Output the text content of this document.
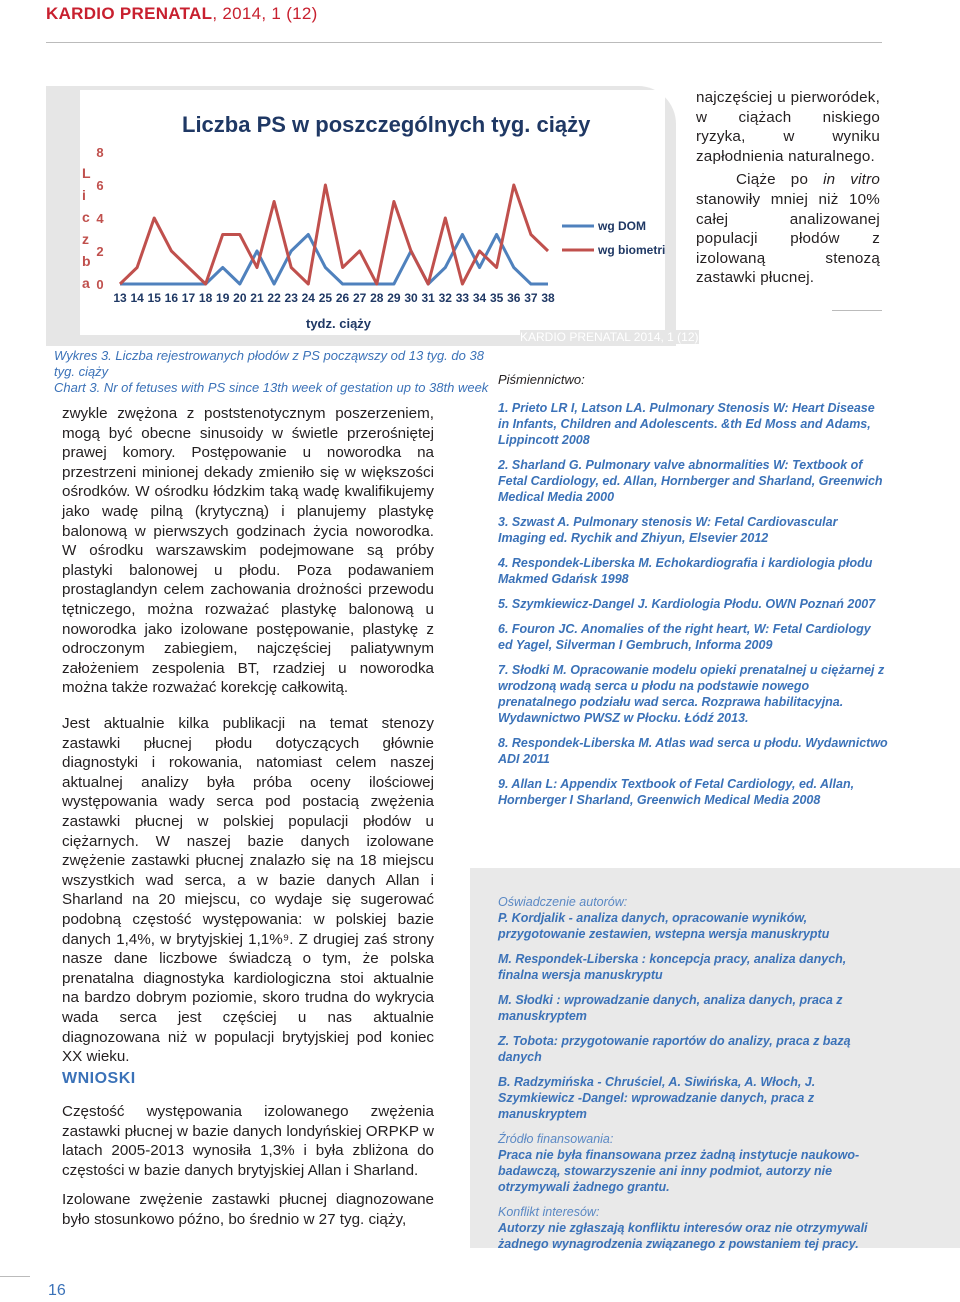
KARDIO PRENATAL, 2014, 1 (12)
Liczba PS w poszczególnych tyg. ciąży
L
i
c
z
b
a 0
2
4
6
8
13 14 15 16 17 18 19 20 21 22 23 24 25 26 27 28 29 30 31 32 33 34 35 36 37 38
tydz. ciąży
wg DOM
wg biometrii
KARDIO PRENATAL 2014, 1 (12)
Wykres 3. Liczba rejestrowanych płodów z PS począwszy od 13 tyg. do 38 tyg. ciąży
Chart 3. Nr of fetuses with PS since 13th week of gestation up to 38th week
najczęściej u pierworódek, w ciążach niskiego ryzyka, w wyniku zapłodnienia naturalnego.
Ciąże po in vitro stanowiły mniej niż 10% całej analizowanej populacji płodów z izolowaną stenozą zastawki płucnej.
zwykle zwężona z poststenotycznym poszerzeniem, mogą być obecne sinusoidy w świetle przerośniętej prawej komory. Postępowanie u noworodka na przestrzeni minionej dekady zmieniło się w większości ośrodków. W ośrodku łódzkim taką wadę kwalifikujemy jako wadę pilną (krytyczną) i planujemy plastykę balonową w pierwszych godzinach życia noworodka. W ośrodku warszawskim podejmowane są próby plastyki balonowej u płodu. Poza podawaniem prostaglandyn celem zachowania drożności przewodu tętniczego, można rozważać plastykę balonową u noworodka jako izolowane postępowanie, plastykę z odroczonym zabiegiem, najczęściej paliatywnym założeniem zespolenia BT, rzadziej u noworodka można także rozważać korekcję całkowitą.
Jest aktualnie kilka publikacji na temat stenozy zastawki płucnej płodu dotyczących głównie diagnostyki i rokowania, natomiast celem naszej aktualnej analizy była próba oceny ilościowej występowania wady serca pod postacią zwężenia zastawki płucnej w polskiej populacji płodów u ciężarnych. W naszej bazie danych izolowane zwężenie zastawki płucnej znalazło się na 18 miejscu wszystkich wad serca, a w bazie danych Allan i Sharland na 20 miejscu, co wydaje się sugerować podobną częstość występowania: w polskiej bazie danych 1,4%, w brytyjskiej 1,1%⁹. Z drugiej zaś strony nasze dane liczbowe świadczą o tym, że polska prenatalna diagnostyka kardiologiczna stoi aktualnie na bardzo dobrym poziomie, skoro trudna do wykrycia wada serca jest częściej u nas aktualnie diagnozowana niż w populacji brytyjskiej pod koniec XX wieku.
WNIOSKI
Częstość występowania izolowanego zwężenia zastawki płucnej w bazie danych londyńskiej ORPKP w latach 2005-2013 wynosiła 1,3% i była zbliżona do częstości w bazie danych brytyjskiej Allan i Sharland.
Izolowane zwężenie zastawki płucnej diagnozowane było stosunkowo późno, bo średnio w 27 tyg. ciąży,
Piśmiennictwo:
1. Prieto LR I, Latson LA. Pulmonary Stenosis W: Heart Disease in Infants, Children and Adolescents. &th Ed Moss and Adams, Lippincott 2008
2. Sharland G. Pulmonary valve abnormalities W: Textbook of Fetal Cardiology, ed. Allan, Hornberger and Sharland, Greenwich Medical Media 2000
3. Szwast A. Pulmonary stenosis W: Fetal Cardiovascular Imaging ed. Rychik and Zhiyun, Elsevier 2012
4. Respondek-Liberska M. Echokardiografia i kardiologia płodu Makmed Gdańsk 1998
5. Szymkiewicz-Dangel J. Kardiologia Płodu. OWN Poznań 2007
6. Fouron JC. Anomalies of the right heart, W: Fetal Cardiology ed Yagel, Silverman I Gembruch, Informa 2009
7. Słodki M. Opracowanie modelu opieki prenatalnej u ciężarnej z wrodzoną wadą serca u płodu na podstawie nowego prenatalnego podziału wad serca. Rozprawa habilitacyjna. Wydawnictwo PWSZ w Płocku. Łódź 2013.
8. Respondek-Liberska M. Atlas wad serca u płodu. Wydawnictwo ADI 2011
9. Allan L: Appendix Textbook of Fetal Cardiology, ed. Allan, Hornberger I Sharland, Greenwich Medical Media 2008
Oświadczenie autorów:
P. Kordjalik - analiza danych, opracowanie wyników, przygotowanie zestawien, wstepna wersja manuskryptu
M. Respondek-Liberska : koncepcja pracy, analiza danych, finalna wersja manuskryptu
M. Słodki : wprowadzanie danych, analiza danych, praca z manuskryptem
Z. Tobota: przygotowanie raportów do analizy, praca z bazą danych
B. Radzymińska - Chruściel, A. Siwińska, A. Włoch, J. Szymkiewicz -Dangel: wprowadzanie danych, praca z manuskryptem
Źródło finansowania:
Praca nie była finansowana przez żadną instytucje naukowo-badawczą, stowarzyszenie ani inny podmiot, autorzy nie otrzymywali żadnego grantu.
Konflikt interesów:
Autorzy nie zgłaszają konfliktu interesów oraz nie otrzymywali żadnego wynagrodzenia związanego z powstaniem tej pracy.
16
